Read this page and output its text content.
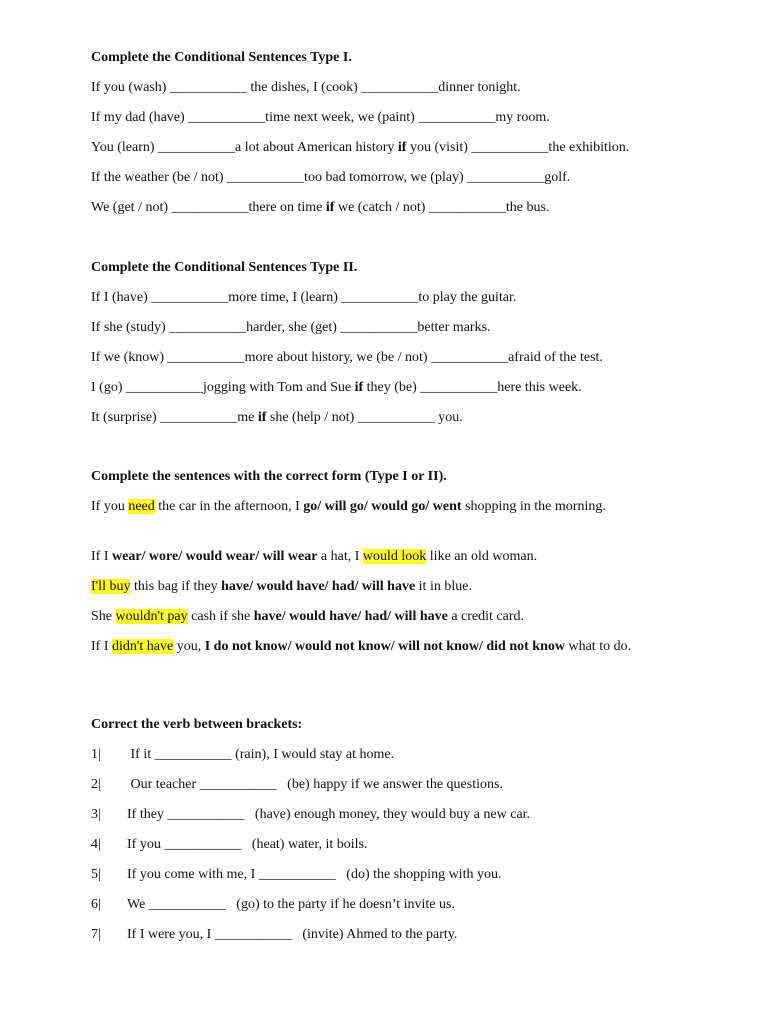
Complete the Conditional Sentences Type I.

If you (wash) ___________ the dishes, I (cook) ___________dinner tonight.

If my dad (have) ___________time next week, we (paint) ___________my room.

You (learn) ___________a lot about American history if you (visit) ___________the exhibition.

If the weather (be / not) ___________too bad tomorrow, we (play) ___________golf.

We (get / not) ___________there on time if we (catch / not) ___________the bus.

Complete the Conditional Sentences Type II.

If I (have) ___________more time, I (learn) ___________to play the guitar.

If she (study) ___________harder, she (get) ___________better marks.

If we (know) ___________more about history, we (be / not) ___________afraid of the test.

I (go) ___________jogging with Tom and Sue if they (be) ___________here this week.

It (surprise) ___________me if she (help / not) ___________ you.

Complete the sentences with the correct form (Type I or II).

If you need the car in the afternoon, I go/ will go/ would go/ went shopping in the morning.

If I wear/ wore/ would wear/ will wear a hat, I would look like an old woman.

I'll buy this bag if they have/ would have/ had/ will have it in blue.

She wouldn't pay cash if she have/ would have/ had/ will have a credit card.

If I didn't have you, I do not know/ would not know/ will not know/ did not know what to do.

Correct the verb between brackets:

1| If it ___________ (rain), I would stay at home.

2| Our teacher ___________   (be) happy if we answer the questions.

3| If they ___________   (have) enough money, they would buy a new car.

4| If you ___________   (heat) water, it boils.

5| If you come with me, I ___________   (do) the shopping with you.

6| We ___________   (go) to the party if he doesn’t invite us.

7| If I were you, I ___________   (invite) Ahmed to the party.
